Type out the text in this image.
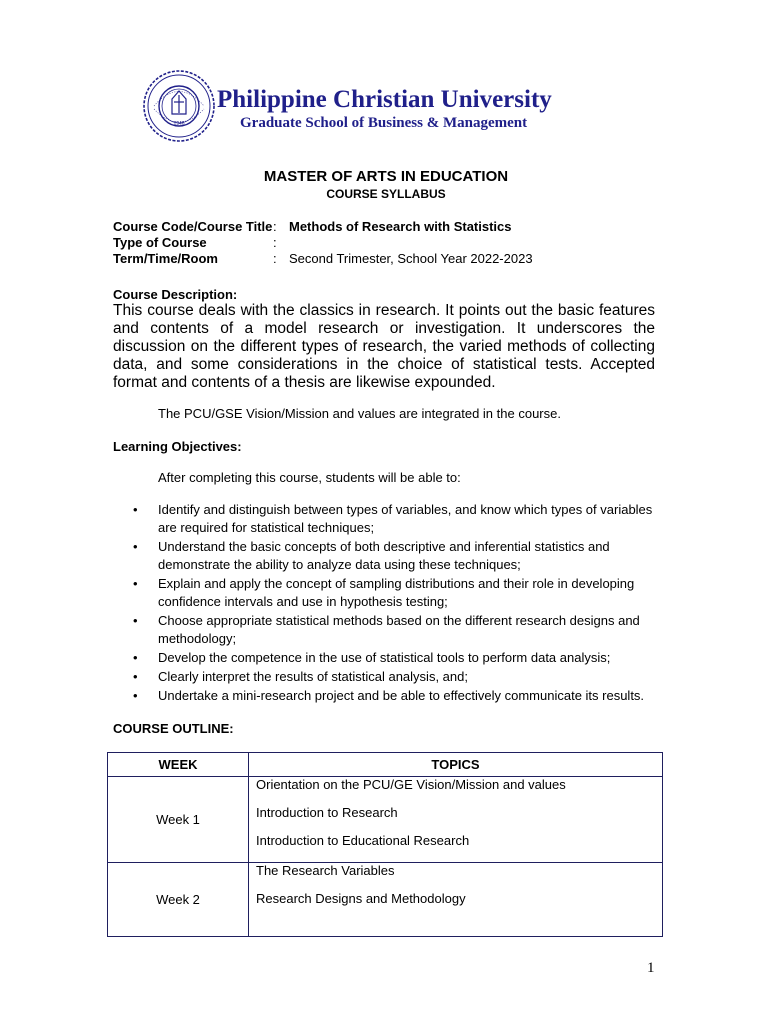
1946
Philippine Christian University
Graduate School of Business & Management
MASTER OF ARTS IN EDUCATION
COURSE SYLLABUS
Course Code/Course Title : Methods of Research with Statistics
Type of Course	:
Term/Time/Room	: Second Trimester, School Year 2022-2023
Course Description:
This course deals with the classics in research. It points out the basic features and contents of a model research or investigation. It underscores the discussion on the different types of research, the varied methods of collecting data, and some considerations in the choice of statistical tests. Accepted format and contents of a thesis are likewise expounded.
The PCU/GSE Vision/Mission and values are integrated in the course.
Learning Objectives:
After completing this course, students will be able to:
• Identify and distinguish between types of variables, and know which types of variables are required for statistical techniques;
• Understand the basic concepts of both descriptive and inferential statistics and demonstrate the ability to analyze data using these techniques;
• Explain and apply the concept of sampling distributions and their role in developing confidence intervals and use in hypothesis testing;
• Choose appropriate statistical methods based on the different research designs and methodology;
• Develop the competence in the use of statistical tools to perform data analysis;
• Clearly interpret the results of statistical analysis, and;
• Undertake a mini-research project and be able to effectively communicate its results.
COURSE OUTLINE:
WEEK	TOPICS
Week 1	Orientation on the PCU/GE Vision/Mission and values
Introduction to Research
Introduction to Educational Research

Week 2	The Research Variables
Research Designs and Methodology
1
